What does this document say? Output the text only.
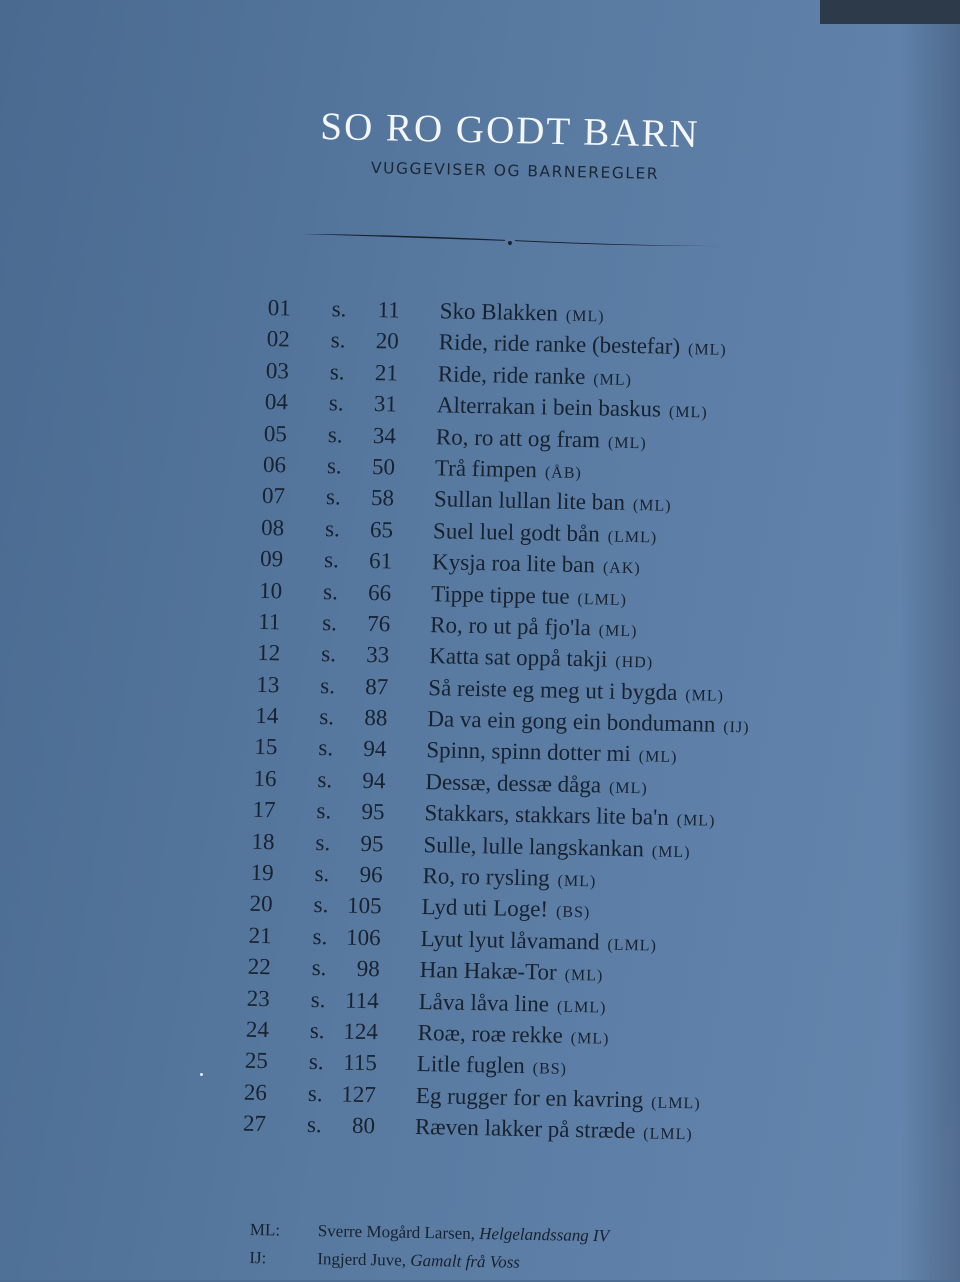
SO RO GODT BARN
VUGGEVISER OG BARNEREGLER
01 s.	11 Sko Blakken (ML)
02 s.	20 Ride, ride ranke (bestefar) (ML)
03 s.	21 Ride, ride ranke (ML)
04 s.	31 Alterrakan i bein baskus (ML)
05 s.	34 Ro, ro att og fram (ML)
06 s.	50 Trå fimpen (ÅB)
07 s.	58 Sullan lullan lite ban (ML)
08 s.	65 Suel luel godt bån (LML)
09 s.	61 Kysja roa lite ban (AK)
10 s.	66 Tippe tippe tue (LML)
11 s.	76 Ro, ro ut på fjo'la (ML)
12 s.	33 Katta sat oppå takji (HD)
13 s.	87 Så reiste eg meg ut i bygda (ML)
14 s.	88 Da va ein gong ein bondumann (IJ)
15 s.	94 Spinn, spinn dotter mi (ML)
16 s.	94 Dessæ, dessæ dåga (ML)
17 s.	95 Stakkars, stakkars lite ba'n (ML)
18 s.	95 Sulle, lulle langskankan (ML)
19 s.	96 Ro, ro rysling (ML)
20 s. 105 Lyd uti Loge! (BS)
21 s. 106 Lyut lyut låvamand (LML)
22 s.	98 Han Hakæ-Tor (ML)
23 s. 114 Låva låva line (LML)
24 s. 124 Roæ, roæ rekke (ML)
25 s. 115 Litle fuglen (BS)
26 s. 127 Eg rugger for en kavring (LML)
27 s.	80 Ræven lakker på stræde (LML)
ML: Sverre Mogård Larsen, Helgelandssang IV
IJ:	Ingjerd Juve, Gamalt frå Voss
